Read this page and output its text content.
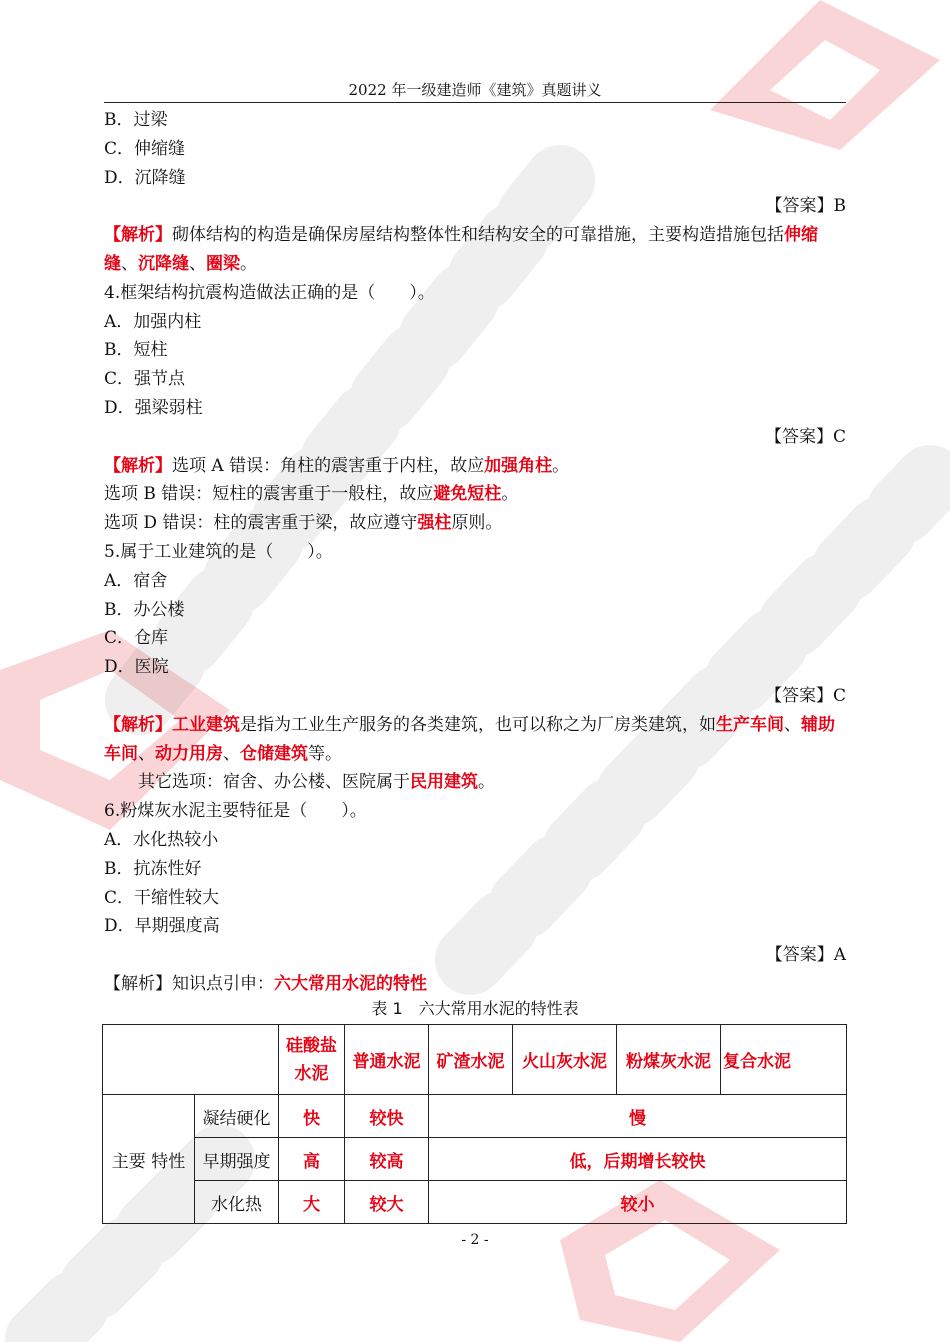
2022 年一级建造师《建筑》真题讲义
B．过梁
C．伸缩缝
D．沉降缝
【答案】B
【解析】砌体结构的构造是确保房屋结构整体性和结构安全的可靠措施，主要构造措施包括伸缩缝、沉降缝、圈梁。
4.框架结构抗震构造做法正确的是（　　）。
A．加强内柱
B．短柱
C．强节点
D．强梁弱柱
【答案】C
【解析】选项 A 错误：角柱的震害重于内柱，故应加强角柱。
选项 B 错误：短柱的震害重于一般柱，故应避免短柱。
选项 D 错误：柱的震害重于梁，故应遵守强柱原则。
5.属于工业建筑的是（　　）。
A．宿舍
B．办公楼
C．仓库
D．医院
【答案】C
【解析】工业建筑是指为工业生产服务的各类建筑，也可以称之为厂房类建筑，如生产车间、辅助车间、动力用房、仓储建筑等。
其它选项：宿舍、办公楼、医院属于民用建筑。
6.粉煤灰水泥主要特征是（　　）。
A．水化热较小
B．抗冻性好
C．干缩性较大
D．早期强度高
【答案】A
【解析】知识点引申：六大常用水泥的特性
表 1　六大常用水泥的特性表
		硅酸盐水泥	普通水泥	矿渣水泥	火山灰水泥	粉煤灰水泥	复合水泥
主要 特性	凝结硬化	快	较快	慢			
	早期强度	高	较高	低，后期增长较快			
	水化热	大	较大	较小			
- 2 -
